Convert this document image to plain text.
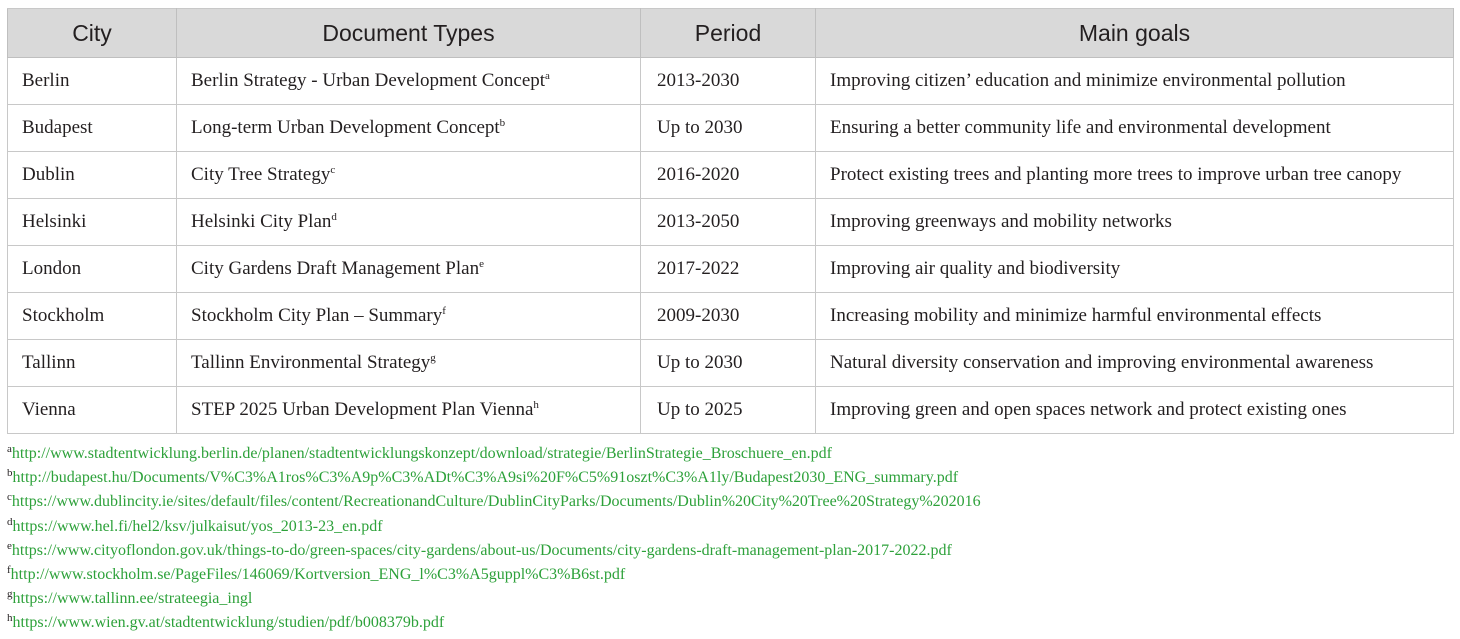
City	Document Types	Period	Main goals
Berlin	Berlin Strategy - Urban Development Concept$^a$	2013-2030	Improving citizen’ education and minimize environmental pollution
Budapest	Long-term Urban Development Concept$^b$	Up to 2030	Ensuring a better community life and environmental development
Dublin	City Tree Strategy$^c$	2016-2020	Protect existing trees and planting more trees to improve urban tree canopy
Helsinki	Helsinki City Plan$^d$	2013-2050	Improving greenways and mobility networks
London	City Gardens Draft Management Plan$^e$	2017-2022	Improving air quality and biodiversity
Stockholm	Stockholm City Plan – Summary$^f$	2009-2030	Increasing mobility and minimize harmful environmental effects
Tallinn	Tallinn Environmental Strategy$^g$	Up to 2030	Natural diversity conservation and improving environmental awareness
Vienna	STEP 2025 Urban Development Plan Vienna$^h$	Up to 2025	Improving green and open spaces network and protect existing ones
$^a$http://www.stadtentwicklung.berlin.de/planen/stadtentwicklungskonzept/download/strategie/BerlinStrategie_Broschuere_en.pdf
$^b$http://budapest.hu/Documents/V%C3%A1ros%C3%A9p%C3%ADt%C3%A9si%20F%C5%91oszt%C3%A1ly/Budapest2030_ENG_summary.pdf
$^c$https://www.dublincity.ie/sites/default/files/content/RecreationandCulture/DublinCityParks/Documents/Dublin%20City%20Tree%20Strategy%202016
$^d$https://www.hel.fi/hel2/ksv/julkaisut/yos_2013-23_en.pdf
$^e$https://www.cityoflondon.gov.uk/things-to-do/green-spaces/city-gardens/about-us/Documents/city-gardens-draft-management-plan-2017-2022.pdf
$^f$http://www.stockholm.se/PageFiles/146069/Kortversion_ENG_l%C3%A5guppl%C3%B6st.pdf
$^g$https://www.tallinn.ee/strateegia_ingl
$^h$https://www.wien.gv.at/stadtentwicklung/studien/pdf/b008379b.pdf
